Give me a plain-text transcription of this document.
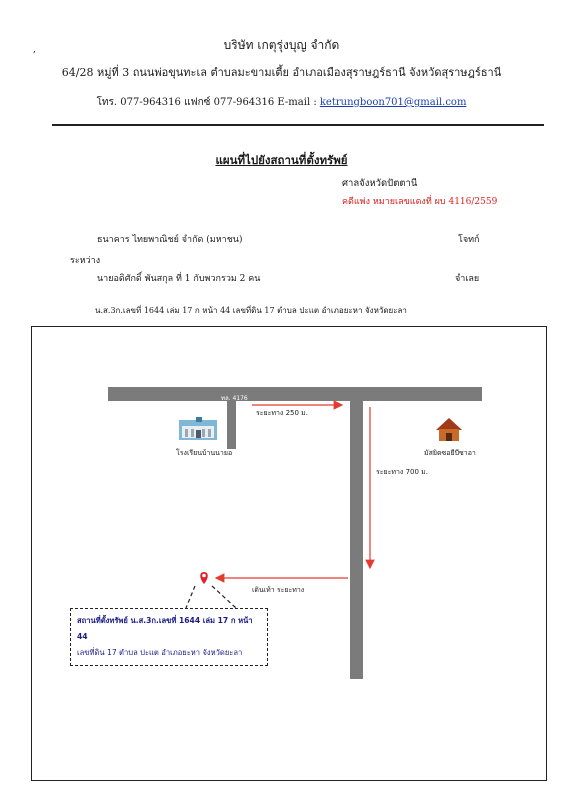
บริษัท เกตุรุ่งบุญ จำกัด
64/28 หมู่ที่ 3 ถนนพ่อขุนทะเล ตำบลมะขามเตี้ย อำเภอเมืองสุราษฎร์ธานี จังหวัดสุราษฎร์ธานี
โทร. 077-964316 แฟกซ์ 077-964316 E-mail : ketrungboon701@gmail.com
,
แผนที่ไปยังสถานที่ตั้งทรัพย์
ศาลจังหวัดปัตตานี
คดีแพ่ง หมายเลขแดงที่ ผบ 4116/2559
ธนาคาร ไทยพาณิชย์ จำกัด (มหาชน)	โจทก์
ระหว่าง
นายอดิศักดิ์ พันสกุล ที่ 1 กับพวกรวม 2 คน	จำเลย
น.ส.3ก.เลขที่ 1644 เล่ม 17 ก หน้า 44 เลขที่ดิน 17 ตำบล ปะแต อำเภอยะหา จังหวัดยะลา
ทล. 4176
ระยะทาง 250 ม.
โรงเรียนบ้านนายอ	มัสยิดซอยีบีซาอา
ระยะทาง 700 ม.
เดินเท้า ระยะทาง
สถานที่ตั้งทรัพย์ น.ส.3ก.เลขที่ 1644 เล่ม 17 ก หน้า 44
เลขที่ดิน 17 ตำบล ปะแต อำเภอยะหา จังหวัดยะลา
